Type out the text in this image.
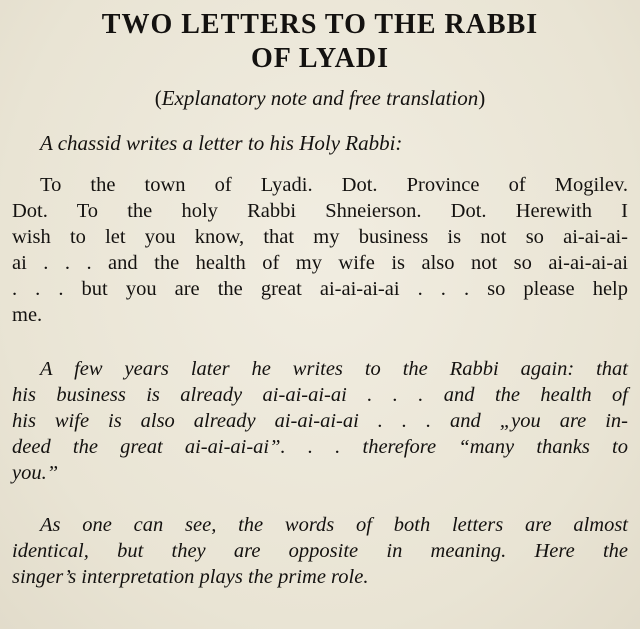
TWO LETTERS TO THE RABBI
OF LYADI
(Explanatory note and free translation)
A chassid writes a letter to his Holy Rabbi:
To the town of Lyadi. Dot. Province of Mogilev.
Dot. To the holy Rabbi Shneierson. Dot. Herewith I
wish to let you know, that my business is not so ai-ai-ai-
ai . . . and the health of my wife is also not so ai-ai-ai-ai
. . . but you are the great ai-ai-ai-ai . . . so please help
me.
A few years later he writes to the Rabbi again: that
his business is already ai-ai-ai-ai . . . and the health of
his wife is also already ai-ai-ai-ai . . . and „you are in-
deed the great ai-ai-ai-ai”. . . therefore “many thanks to
you.”
As one can see, the words of both letters are almost
identical, but they are opposite in meaning. Here the
singer’s interpretation plays the prime role.
